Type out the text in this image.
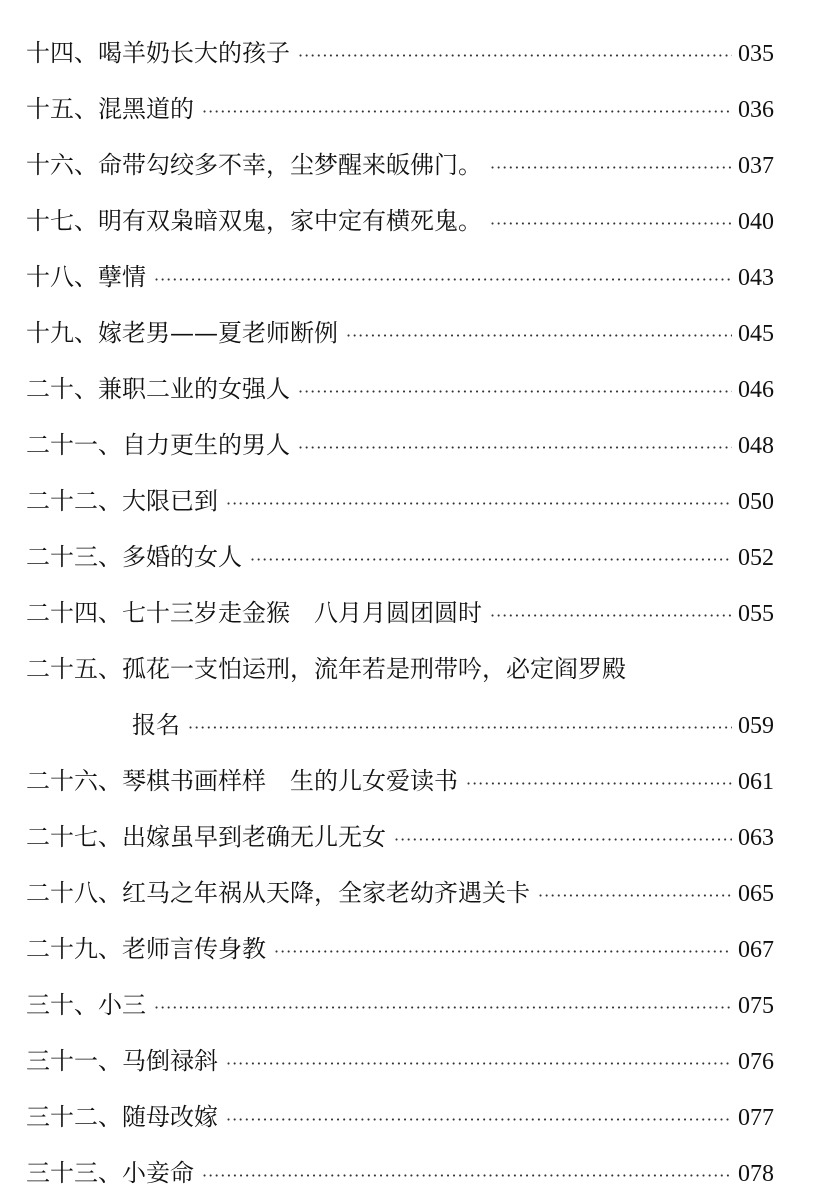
十四、喝羊奶长大的孩子 ·····	035
十五、混黑道的 ·····	036
十六、命带勾绞多不幸，尘梦醒来皈佛门。 ·····	037
十七、明有双枭暗双鬼，家中定有横死鬼。 ·····	040
十八、孽情 ·····	043
十九、嫁老男——夏老师断例 ·····	045
二十、兼职二业的女强人 ·····	046
二十一、自力更生的男人 ·····	048
二十二、大限已到 ·····	050
二十三、多婚的女人 ·····	052
二十四、七十三岁走金猴　八月月圆团圆时 ·····	055
二十五、孤花一支怕运刑，流年若是刑带吟，必定阎罗殿
报名 ·····	059
二十六、琴棋书画样样　生的儿女爱读书 ·····	061
二十七、出嫁虽早到老确无儿无女 ·····	063
二十八、红马之年祸从天降，全家老幼齐遇关卡 ·····	065
二十九、老师言传身教 ·····	067
三十、小三 ·····	075
三十一、马倒禄斜 ·····	076
三十二、随母改嫁 ·····	077
三十三、小妾命 ·····	078
